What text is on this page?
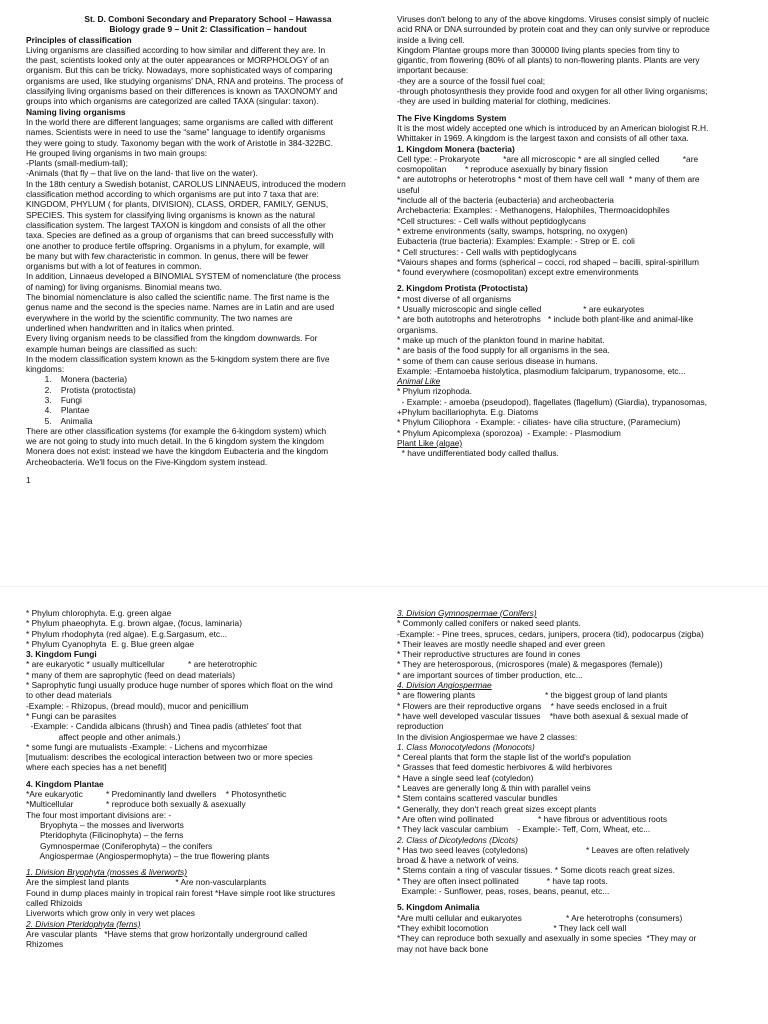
St. D. Comboni Secondary and Preparatory School – Hawassa
Biology grade 9 – Unit 2: Classification – handout
Principles of classification
Living organisms are classified according to how similar and different they are. In
the past, scientists looked only at the outer appearances or MORPHOLOGY of an
organism. But this can be tricky. Nowadays, more sophisticated ways of comparing
organisms are used, like studying organisms' DNA, RNA and proteins. The process of
classifying living organisms based on their differences is known as TAXONOMY and
groups into which organisms are categorized are called TAXA (singular: taxon).
Naming living organisms
In the world there are different languages; same organisms are called with different
names. Scientists were in need to use the “same” language to identify organisms
they were going to study. Taxonomy began with the work of Aristotle in 384-322BC.
He grouped living organisms in two main groups:
-Plants (small-medium-tall);
-Animals (that fly – that live on the land- that live on the water).
In the 18th century a Swedish botanist, CAROLUS LINNAEUS, introduced the modern
classification method according to which organisms are put into 7 taxa that are:
KINGDOM, PHYLUM ( for plants, DIVISION), CLASS, ORDER, FAMILY, GENUS,
SPECIES. This system for classifying living organisms is known as the natural
classification system. The largest TAXON is kingdom and consists of all the other
taxa. Species are defined as a group of organisms that can breed successfully with
one another to produce fertile offspring. Organisms in a phylum, for example, will
be many but with few characteristic in common. In genus, there will be fewer
organisms but with a lot of features in common.
In addition, Linnaeus developed a BINOMIAL SYSTEM of nomenclature (the process
of naming) for living organisms. Binomial means two.
The binomial nomenclature is also called the scientific name. The first name is the
genus name and the second is the species name. Names are in Latin and are used
everywhere in the world by the scientific community. The two names are
underlined when handwritten and in italics when printed.
Every living organism needs to be classified from the kingdom downwards. For
example human beings are classified as such:
In the modern classification system known as the 5-kingdom system there are five
kingdoms:
1.    Monera (bacteria)
2.    Protista (protoctista)
3.    Fungi
4.    Plantae
5.    Animalia
There are other classification systems (for example the 6-kingdom system) which
we are not going to study into much detail. In the 6 kingdom system the kingdom
Monera does not exist: instead we have the kingdom Eubacteria and the kingdom
Archeobacteria. We'll focus on the Five-Kingdom system instead.
1
Viruses don't belong to any of the above kingdoms. Viruses consist simply of nucleic
acid RNA or DNA surrounded by protein coat and they can only survive or reproduce
inside a living cell.
Kingdom Plantae groups more than 300000 living plants species from tiny to
gigantic, from flowering (80% of all plants) to non-flowering plants. Plants are very
important because:
-they are a source of the fossil fuel coal;
-through photosynthesis they provide food and oxygen for all other living organisms;
-they are used in building material for clothing, medicines.
The Five Kingdoms System
It is the most widely accepted one which is introduced by an American biologist R.H.
Whittaker in 1969. A kingdom is the largest taxon and consists of all other taxa.
1. Kingdom Monera (bacteria)
Cell type: - Prokaryote          *are all microscopic * are all singled celled          *are
cosmopolitan        * reproduce asexually by binary fission
* are autotrophs or heterotrophs * most of them have cell wall  * many of them are
useful
*include all of the bacteria (eubacteria) and archeobacteria
Archebacteria: Examples: - Methanogens, Halophiles, Thermoacidophiles
*Cell structures: - Cell walls without peptidoglycans
* extreme environments (salty, swamps, hotspring, no oxygen)
Eubacteria (true bacteria): Examples: Example: - Strep or E. coli
* Cell structures: - Cell walls with peptidoglycans
*Vaiours shapes and forms (spherical – cocci, rod shaped – bacilli, spiral-spirillum
* found everywhere (cosmopolitan) except extre emenvironments
2. Kingdom Protista (Protoctista)
* most diverse of all organisms
* Usually microscopic and single celled                  * are eukaryotes
* are both autotrophs and heterotrophs   * include both plant-like and animal-like
organisms.
* make up much of the plankton found in marine habitat.
* are basis of the food supply for all organisms in the sea.
* some of them can cause serious disease in humans.
Example: -Entamoeba histolytica, plasmodium falciparum, trypanosome, etc...
Animal Like
* Phylum rizophoda.
- Example: - amoeba (pseudopod), flagellates (flagellum) (Giardia), trypanosomas,
+Phylum bacillariophyta. E.g. Diatoms
* Phylum Ciliophora  - Example: - ciliates- have cilia structure, (Paramecium)
* Phylum Apicomplexa (sporozoa)  - Example: - Plasmodium
Plant Like (algae)
* have undifferentiated body called thallus.
* Phylum chlorophyta. E.g. green algae
* Phylum phaeophyta. E.g. brown algae, (focus, laminaria)
* Phylum rhodophyta (red algae). E.g.Sargasum, etc...
* Phylum Cyanophyta  E. g. Blue green algae
3. Kingdom Fungi
* are eukaryotic * usually multicellular          * are heterotrophic
* many of them are saprophytic (feed on dead materials)
* Saprophytic fungi usually produce huge number of spores which float on the wind
to other dead materials
-Example: - Rhizopus, (bread mould), mucor and penicillium
* Fungi can be parasites
-Example: - Candida albicans (thrush) and Tinea padis (athletes' foot that
affect people and other animals.)
* some fungi are mutualists -Example: - Lichens and mycorrhizae
[mutualism: describes the ecological interaction between two or more species
where each species has a net benefit]
4. Kingdom Plantae
*Are eukaryotic          * Predominantly land dwellers    * Photosynthetic
*Multicellular              * reproduce both sexually & asexually
The four most important divisions are: -
Bryophyta – the mosses and liverworts
Pteridophyta (Filicinophyta) – the ferns
Gymnospermae (Coniferophyta) – the conifers
Angiospermae (Angiospermophyta) – the true flowering plants
1. Division Bryophyta (mosses & liverworts)
Are the simplest land plants                    * Are non-vascularplants
Found in dump places mainly in tropical rain forest *Have simple root like structures
called Rhizoids
Liverworts which grow only in very wet places
2. Division Pteridophyta (ferns)
Are vascular plants   *Have stems that grow horizontally underground called
Rhizomes
3. Division Gymnospermae (Conifers)
* Commonly called conifers or naked seed plants.
-Example: - Pine trees, spruces, cedars, junipers, procera (tid), podocarpus (zigba)
* Their leaves are mostly needle shaped and ever green
* Their reproductive structures are found in cones
* They are heterosporous, (microspores (male) & megaspores (female))
* are important sources of timber production, etc...
4. Division Angiospermae
* are flowering plants                              * the biggest group of land plants
* Flowers are their reproductive organs    * have seeds enclosed in a fruit
* have well developed vascular tissues    *have both asexual & sexual made of
reproduction
In the division Angiospermae we have 2 classes:
1. Class Monocotyledons (Monocots)
* Cereal plants that form the staple list of the world's population
* Grasses that feed domestic herbivores & wild herbivores
* Have a single seed leaf (cotyledon)
* Leaves are generally long & thin with parallel veins
* Stem contains scattered vascular bundles
* Generally, they don't reach great sizes except plants
* Are often wind pollinated                   * have fibrous or adventitious roots
* They lack vascular cambium    - Example:- Teff, Corn, Wheat, etc...
2. Class of Dicotyledons (Dicots)
* Has two seed leaves (cotyledons)                         * Leaves are often relatively
broad & have a network of veins.
* Stems contain a ring of vascular tissues. * Some dicots reach great sizes.
* They are often insect pollinated            * have tap roots.
Example: - Sunflower, peas, roses, beans, peanut, etc...
5. Kingdom Animalia
*Are multi cellular and eukaryotes                   * Are heterotrophs (consumers)
*They exhibit locomotion                            * They lack cell wall
*They can reproduce both sexually and asexually in some species  *They may or
may not have back bone
